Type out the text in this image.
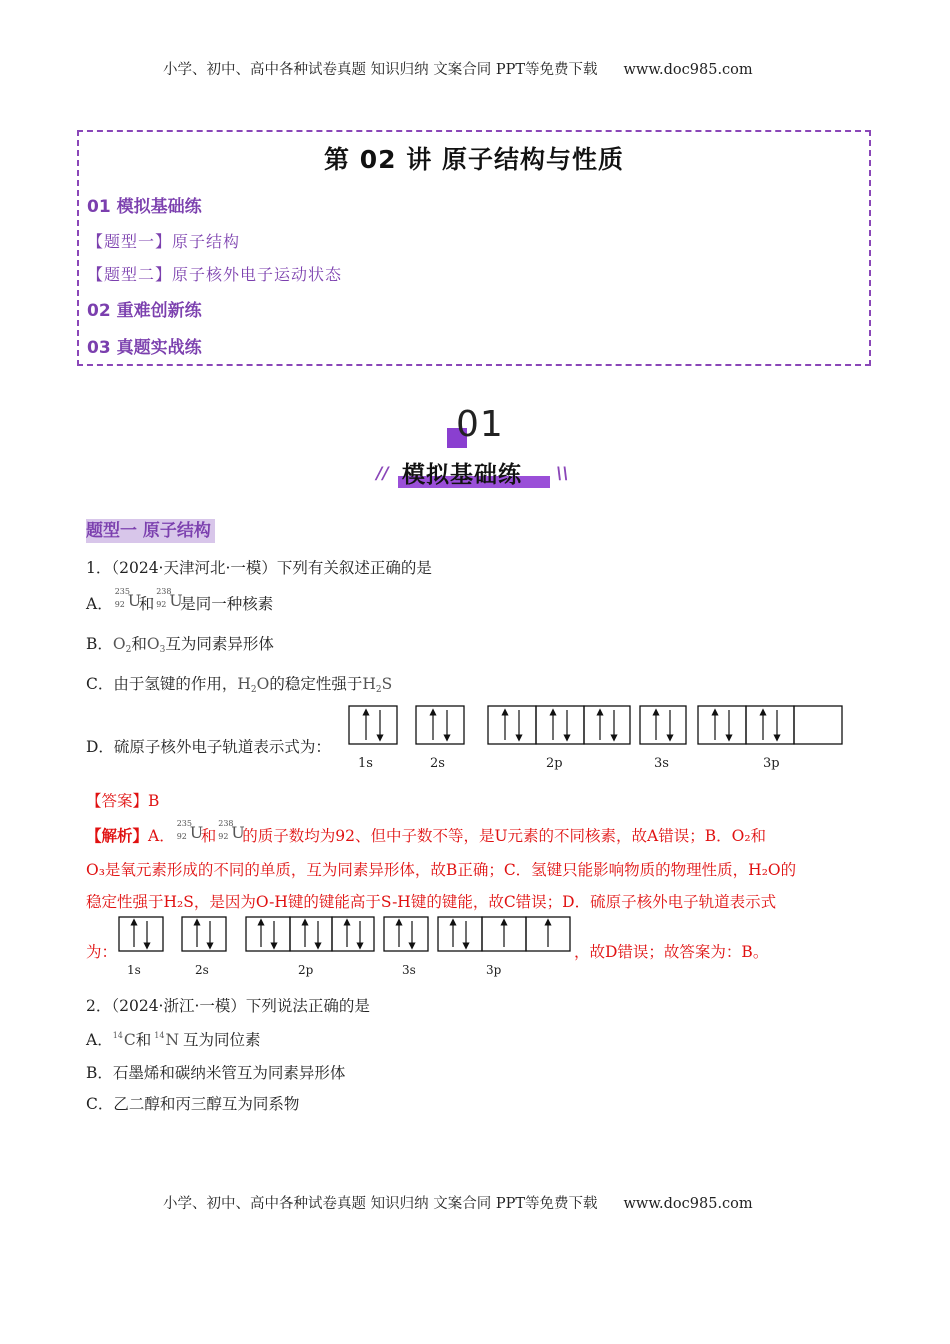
小学、初中、高中各种试卷真题 知识归纳 文案合同 PPT等免费下载 www.doc985.com
第 02 讲 原子结构与性质
01 模拟基础练
【题型一】原子结构
【题型二】原子核外电子运动状态
02 重难创新练
03 真题实战练
01
// 模拟基础练 \\
题型一 原子结构
1．（2024·天津河北·一模）下列有关叙述正确的是
A．
235
92 U
和
238
92 U
是同一种核素
B．O2和O3互为同素异形体
C．由于氢键的作用，H2O的稳定性强于H2S
D．硫原子核外电子轨道表示式为：
1s	2s	2p	3s	3p
【答案】B
【解析】A．
235
92 U
和
238
92 U
的质子数均为92、但中子数不等，是U元素的不同核素，故A错误；B．O₂和
O₃是氧元素形成的不同的单质，互为同素异形体，故B正确；C．氢键只能影响物质的物理性质，H₂O的
稳定性强于H₂S，是因为O-H键的键能高于S-H键的键能，故C错误；D．硫原子核外电子轨道表示式
为：
1s	2s	2p	3s	3p
，故D错误；故答案为：B。
2．（2024·浙江·一模）下列说法正确的是
A．$^{14}$C和 $^{14}$N 互为同位素
B．石墨烯和碳纳米管互为同素异形体
C．乙二醇和丙三醇互为同系物
小学、初中、高中各种试卷真题 知识归纳 文案合同 PPT等免费下载 www.doc985.com
